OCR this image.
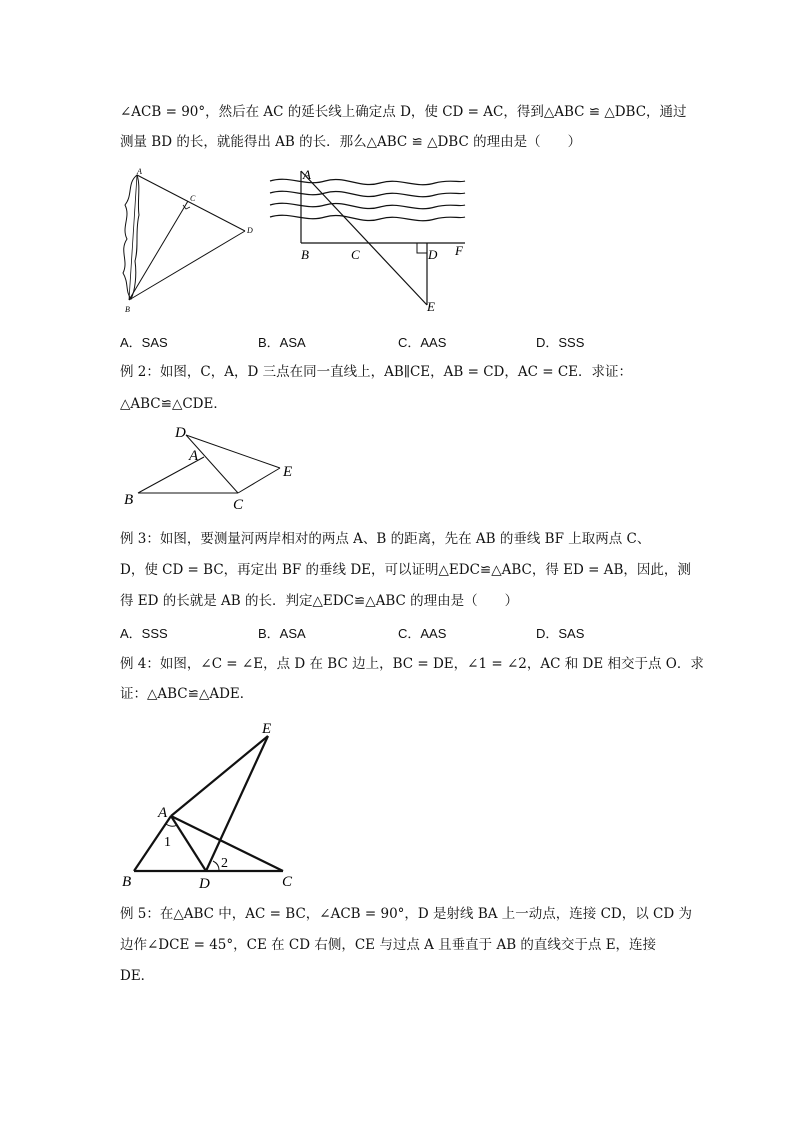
∠ACB = 90°，然后在 AC 的延长线上确定点 D，使 CD = AC，得到△ABC ≌ △DBC，通过
测量 BD 的长，就能得出 AB 的长．那么△ABC ≌ △DBC 的理由是（　　）
A
C
D
B
A
B	C	D F
E
A．SAS	B．ASA	C．AAS	D．SSS
例 2：如图，C，A，D 三点在同一直线上，AB∥CE，AB = CD，AC = CE．求证：
△ABC≌△CDE．
D
A
B	C
E
例 3：如图，要测量河两岸相对的两点 A、B 的距离，先在 AB 的垂线 BF 上取两点 C、
D，使 CD = BC，再定出 BF 的垂线 DE，可以证明△EDC≌△ABC，得 ED = AB，因此，测
得 ED 的长就是 AB 的长．判定△EDC≌△ABC 的理由是（　　）
A．SSS	B．ASA	C．AAS	D．SAS
例 4：如图，∠C = ∠E，点 D 在 BC 边上，BC = DE，∠1 = ∠2，AC 和 DE 相交于点 O．求
证：△ABC≌△ADE．
A
B	D	C
E
1
2
例 5：在△ABC 中，AC = BC，∠ACB = 90°，D 是射线 BA 上一动点，连接 CD，以 CD 为
边作∠DCE = 45°，CE 在 CD 右侧，CE 与过点 A 且垂直于 AB 的直线交于点 E，连接
DE．
